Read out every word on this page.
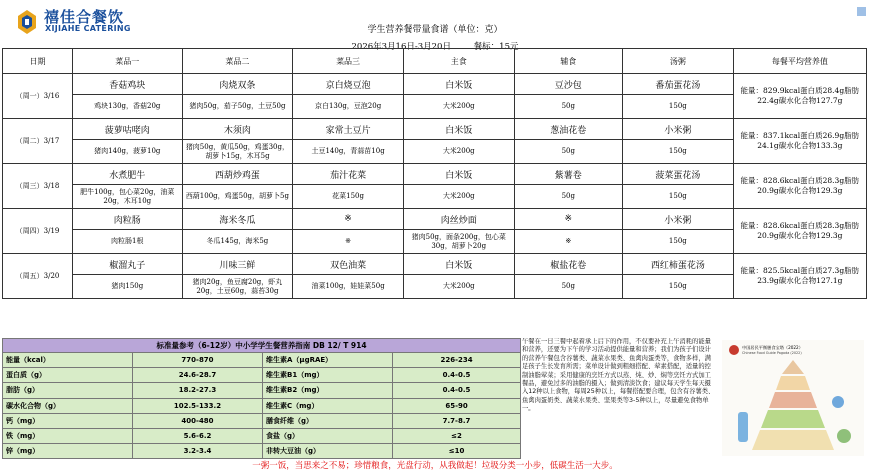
禧佳合餐饮
XIJIAHE CATERING	学生营养餐带量食谱（单位：克）
2026年3月16日-3月20日	餐标：15元
日期	菜品一	菜品二	菜品三	主食	辅食	汤粥	每餐平均营养值
（周一）3/16	香菇鸡块	肉烧双条	京白烧豆泡	白米饭	豆沙包	番茄蛋花汤	能量：829.9kcal蛋白质28.4g脂肪22.4g碳水化合物127.7g
	鸡块130g，香菇20g	猪肉50g，茄子50g，土豆50g	京白130g，豆泡20g	大米200g	50g	150g	
（周二）3/17	菠萝咕咾肉	木须肉	家常土豆片	白米饭	葱油花卷	小米粥	能量：837.1kcal蛋白质26.9g脂肪24.1g碳水化合物133.3g
	猪肉140g，菠萝10g	猪肉50g，黄瓜50g，鸡蛋30g，胡萝卜15g，木耳5g	土豆140g，青蒜苗10g	大米200g	50g	150g	
（周三）3/18	水煮肥牛	西葫炒鸡蛋	茄汁花菜	白米饭	紫薯卷	菠菜蛋花汤	能量：828.6kcal蛋白质28.3g脂肪20.9g碳水化合物129.3g
	肥牛100g，包心菜20g，油菜20g，木耳10g	西葫100g，鸡蛋50g，胡萝卜5g	花菜150g	大米200g	50g	150g	
（周四）3/19	肉粒肠	海米冬瓜	※	肉丝炒面	※	小米粥	能量：828.6kcal蛋白质28.3g脂肪20.9g碳水化合物129.3g
	肉粒肠1根	冬瓜145g，海米5g	※	猪肉50g，面条200g，包心菜30g，胡萝卜20g	※	150g	
（周五）3/20	椒溜丸子	川味三鲜	双色油菜	白米饭	椒盐花卷	西红柿蛋花汤	能量：825.5kcal蛋白质27.3g脂肪23.9g碳水化合物127.1g
	猪肉150g	猪肉20g，鱼豆腐20g，虾丸20g，土豆60g，蒜苔30g	油菜100g，娃娃菜50g	大米200g	50g	150g	
标准量参考（6-12岁）中小学学生餐营养指南 DB 12/ T 914			
能量（kcal）	770-870	维生素A（μgRAE）	226-234
蛋白质（g）	24.6-28.7	维生素B1（mg）	0.4-0.5
脂肪（g）	18.2-27.3	维生素B2（mg）	0.4-0.5
碳水化合物（g）	102.5-133.2	维生素C（mg）	65-90
钙（mg）	400-480	膳食纤维（g）	7.7-8.7
铁（mg）	5.6-6.2	食盐（g）	≤2
锌（mg）	3.2-3.4	非转大豆油（g）	≤10
午餐在一日三餐中起着承上启下的作用，不仅要补充上午消耗的能量和营养，还要为下午的学习活动提供能量和营养；我们为孩子们设计的营养午餐包含谷薯类、蔬菜水果类、鱼禽肉蛋类等，食物多样，满足孩子生长发育所需；菜单设计做到粗细搭配、荤素搭配，适量的控制油脂荤菜；采用健康的烹饪方式以蒸、炖、炒、焖等烹饪方式加工餐品，避免过多的油脂的摄入；做到清淡饮食；建议每天学生每天摄入12种以上食物，每周25种以上，每餐搭配要合理，包含有谷薯类、鱼禽肉蛋奶类、蔬菜水果类、坚果类等3-5种以上，尽量避免食物单一。
中国居民平衡膳食宝塔（2022）
Chinese Food Guide Pagoda (2022)
一粥一饭，当思来之不易；珍惜粮食，光盘行动，从我做起！垃圾分类一小步，低碳生活一大步。
